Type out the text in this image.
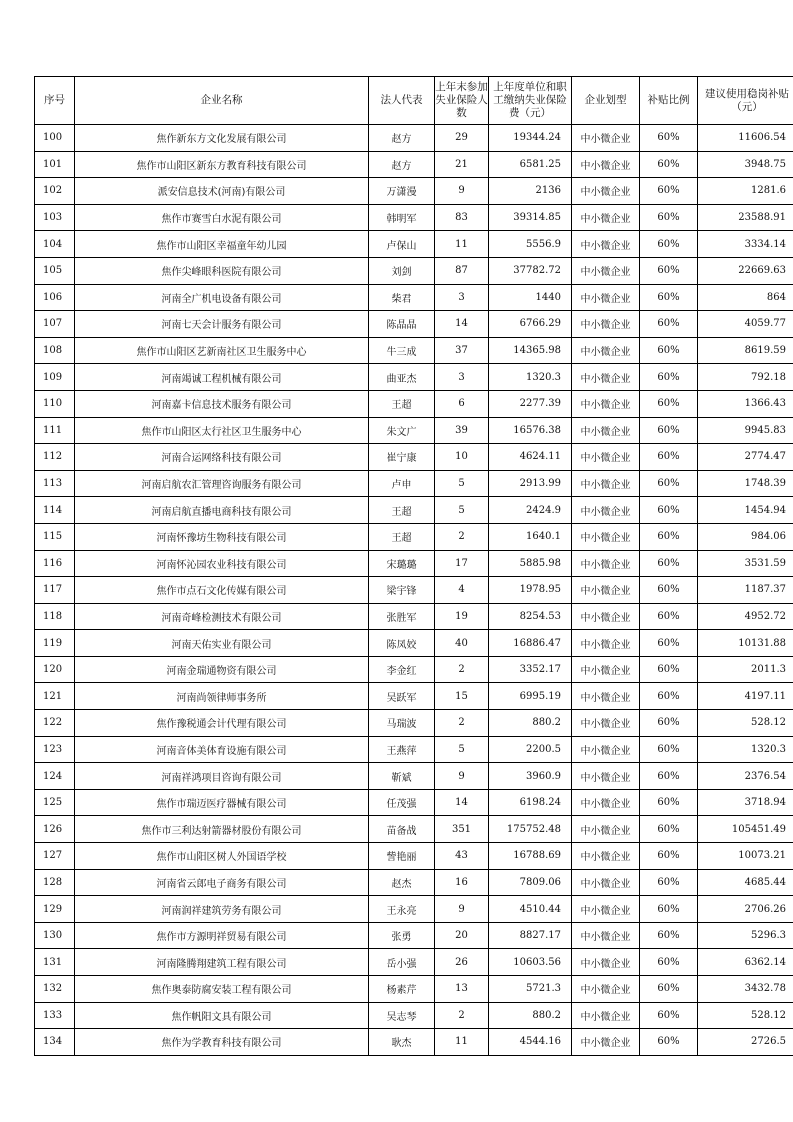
序号	企业名称	法人代表	上年末参加失业保险人数	上年度单位和职工缴纳失业保险费（元）	企业划型	补贴比例	建议使用稳岗补贴（元）
100	焦作新东方文化发展有限公司	赵方	29	19344.24	中小微企业	60%	11606.54
101	焦作市山阳区新东方教育科技有限公司	赵方	21	6581.25	中小微企业	60%	3948.75
102	派安信息技术(河南)有限公司	万潇漫	9	2136	中小微企业	60%	1281.6
103	焦作市赛雪白水泥有限公司	韩明军	83	39314.85	中小微企业	60%	23588.91
104	焦作市山阳区幸福童年幼儿园	卢保山	11	5556.9	中小微企业	60%	3334.14
105	焦作尖峰眼科医院有限公司	刘剑	87	37782.72	中小微企业	60%	22669.63
106	河南全广机电设备有限公司	柴君	3	1440	中小微企业	60%	864
107	河南七天会计服务有限公司	陈晶晶	14	6766.29	中小微企业	60%	4059.77
108	焦作市山阳区艺新南社区卫生服务中心	牛三成	37	14365.98	中小微企业	60%	8619.59
109	河南竭诚工程机械有限公司	曲亚杰	3	1320.3	中小微企业	60%	792.18
110	河南嘉卡信息技术服务有限公司	王超	6	2277.39	中小微企业	60%	1366.43
111	焦作市山阳区太行社区卫生服务中心	朱文广	39	16576.38	中小微企业	60%	9945.83
112	河南合运网络科技有限公司	崔宁康	10	4624.11	中小微企业	60%	2774.47
113	河南启航农汇管理咨询服务有限公司	卢申	5	2913.99	中小微企业	60%	1748.39
114	河南启航直播电商科技有限公司	王超	5	2424.9	中小微企业	60%	1454.94
115	河南怀豫坊生物科技有限公司	王超	2	1640.1	中小微企业	60%	984.06
116	河南怀沁园农业科技有限公司	宋璐璐	17	5885.98	中小微企业	60%	3531.59
117	焦作市点石文化传媒有限公司	梁宇锋	4	1978.95	中小微企业	60%	1187.37
118	河南奇峰检测技术有限公司	张胜军	19	8254.53	中小微企业	60%	4952.72
119	河南天佑实业有限公司	陈凤姣	40	16886.47	中小微企业	60%	10131.88
120	河南金瑞通物资有限公司	李金红	2	3352.17	中小微企业	60%	2011.3
121	河南尚领律师事务所	吴跃军	15	6995.19	中小微企业	60%	4197.11
122	焦作豫税通会计代理有限公司	马瑞波	2	880.2	中小微企业	60%	528.12
123	河南音体美体育设施有限公司	王燕萍	5	2200.5	中小微企业	60%	1320.3
124	河南祥鸿项目咨询有限公司	靳斌	9	3960.9	中小微企业	60%	2376.54
125	焦作市瑞迈医疗器械有限公司	任茂强	14	6198.24	中小微企业	60%	3718.94
126	焦作市三利达射箭器材股份有限公司	苗备战	351	175752.48	中小微企业	60%	105451.49
127	焦作市山阳区树人外国语学校	訾艳丽	43	16788.69	中小微企业	60%	10073.21
128	河南省云郎电子商务有限公司	赵杰	16	7809.06	中小微企业	60%	4685.44
129	河南润祥建筑劳务有限公司	王永亮	9	4510.44	中小微企业	60%	2706.26
130	焦作市方源明祥贸易有限公司	张勇	20	8827.17	中小微企业	60%	5296.3
131	河南隆腾翔建筑工程有限公司	岳小强	26	10603.56	中小微企业	60%	6362.14
132	焦作奥泰防腐安装工程有限公司	杨素芹	13	5721.3	中小微企业	60%	3432.78
133	焦作帆阳文具有限公司	吴志琴	2	880.2	中小微企业	60%	528.12
134	焦作为学教育科技有限公司	耿杰	11	4544.16	中小微企业	60%	2726.5
